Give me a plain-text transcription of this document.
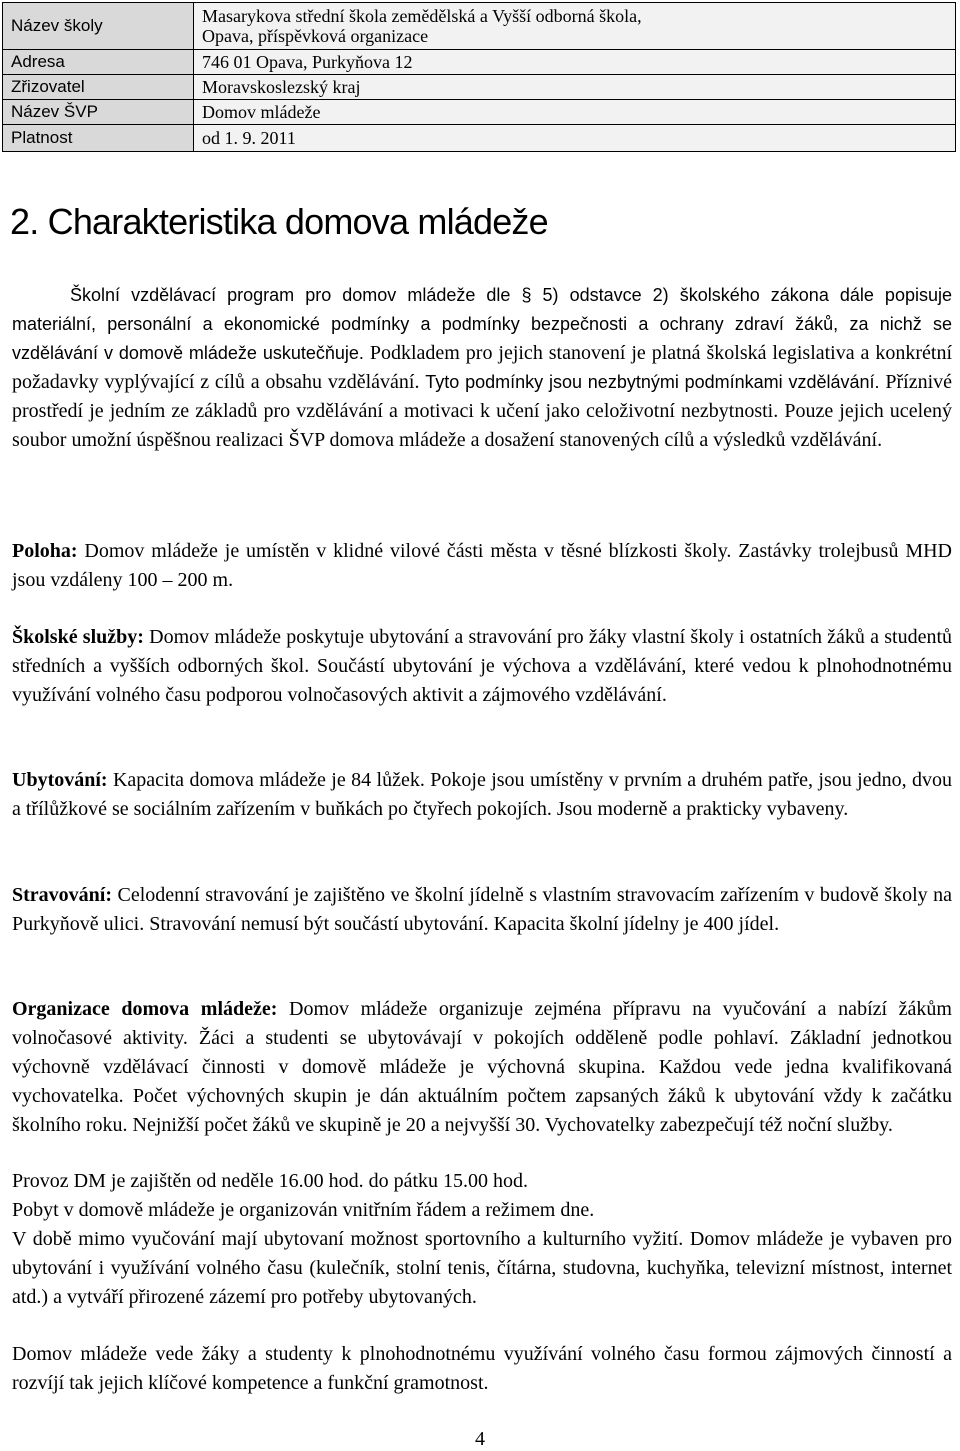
Název školy	Masarykova střední škola zemědělská a Vyšší odborná škola,
Opava, příspěvková organizace
Adresa	746 01 Opava, Purkyňova 12
Zřizovatel	Moravskoslezský kraj
Název ŠVP	Domov mládeže
Platnost	od 1. 9. 2011
2. Charakteristika domova mládeže

Školní vzdělávací program pro domov mládeže dle § 5) odstavce 2) školského zákona dále popisuje materiální, personální a ekonomické podmínky a podmínky bezpečnosti a ochrany zdraví žáků, za nichž se vzdělávání v domově mládeže uskutečňuje. Podkladem pro jejich stanovení je platná školská legislativa a konkrétní požadavky vyplývající z cílů a obsahu vzdělávání. Tyto podmínky jsou nezbytnými podmínkami vzdělávání. Příznivé prostředí je jedním ze základů pro vzdělávání a motivaci k učení jako celoživotní nezbytnosti. Pouze jejich ucelený soubor umožní úspěšnou realizaci ŠVP domova mládeže a dosažení stanovených cílů a výsledků vzdělávání.

Poloha: Domov mládeže je umístěn v klidné vilové části města v těsné blízkosti školy. Zastávky trolejbusů MHD jsou vzdáleny 100 – 200 m.

Školské služby: Domov mládeže poskytuje ubytování a stravování pro žáky vlastní školy i ostatních žáků a studentů středních a vyšších odborných škol. Součástí ubytování je výchova a vzdělávání, které vedou k plnohodnotnému využívání volného času podporou volnočasových aktivit a zájmového vzdělávání.

Ubytování: Kapacita domova mládeže je 84 lůžek. Pokoje jsou umístěny v prvním a druhém patře, jsou jedno, dvou a třílůžkové se sociálním zařízením v buňkách po čtyřech pokojích. Jsou moderně a prakticky vybaveny.

Stravování: Celodenní stravování je zajištěno ve školní jídelně s vlastním stravovacím zařízením v budově školy na Purkyňově ulici. Stravování nemusí být součástí ubytování. Kapacita školní jídelny je 400 jídel.

Organizace domova mládeže: Domov mládeže organizuje zejména přípravu na vyučování a nabízí žákům volnočasové aktivity. Žáci a studenti se ubytovávají v pokojích odděleně podle pohlaví. Základní jednotkou výchovně vzdělávací činnosti v domově mládeže je výchovná skupina. Každou vede jedna kvalifikovaná vychovatelka. Počet výchovných skupin je dán aktuálním počtem zapsaných žáků k ubytování vždy k začátku školního roku. Nejnižší počet žáků ve skupině je 20 a nejvyšší 30. Vychovatelky zabezpečují též noční služby.

Provoz DM je zajištěn od neděle 16.00 hod. do pátku 15.00 hod.

Pobyt v domově mládeže je organizován vnitřním řádem a režimem dne.

V době mimo vyučování mají ubytovaní možnost sportovního a kulturního vyžití. Domov mládeže je vybaven pro ubytování i využívání volného času (kulečník, stolní tenis, čítárna, studovna, kuchyňka, televizní místnost, internet atd.) a vytváří přirozené zázemí pro potřeby ubytovaných.

Domov mládeže vede žáky a studenty k plnohodnotnému využívání volného času formou zájmových činností a rozvíjí tak jejich klíčové kompetence a funkční gramotnost.

4
